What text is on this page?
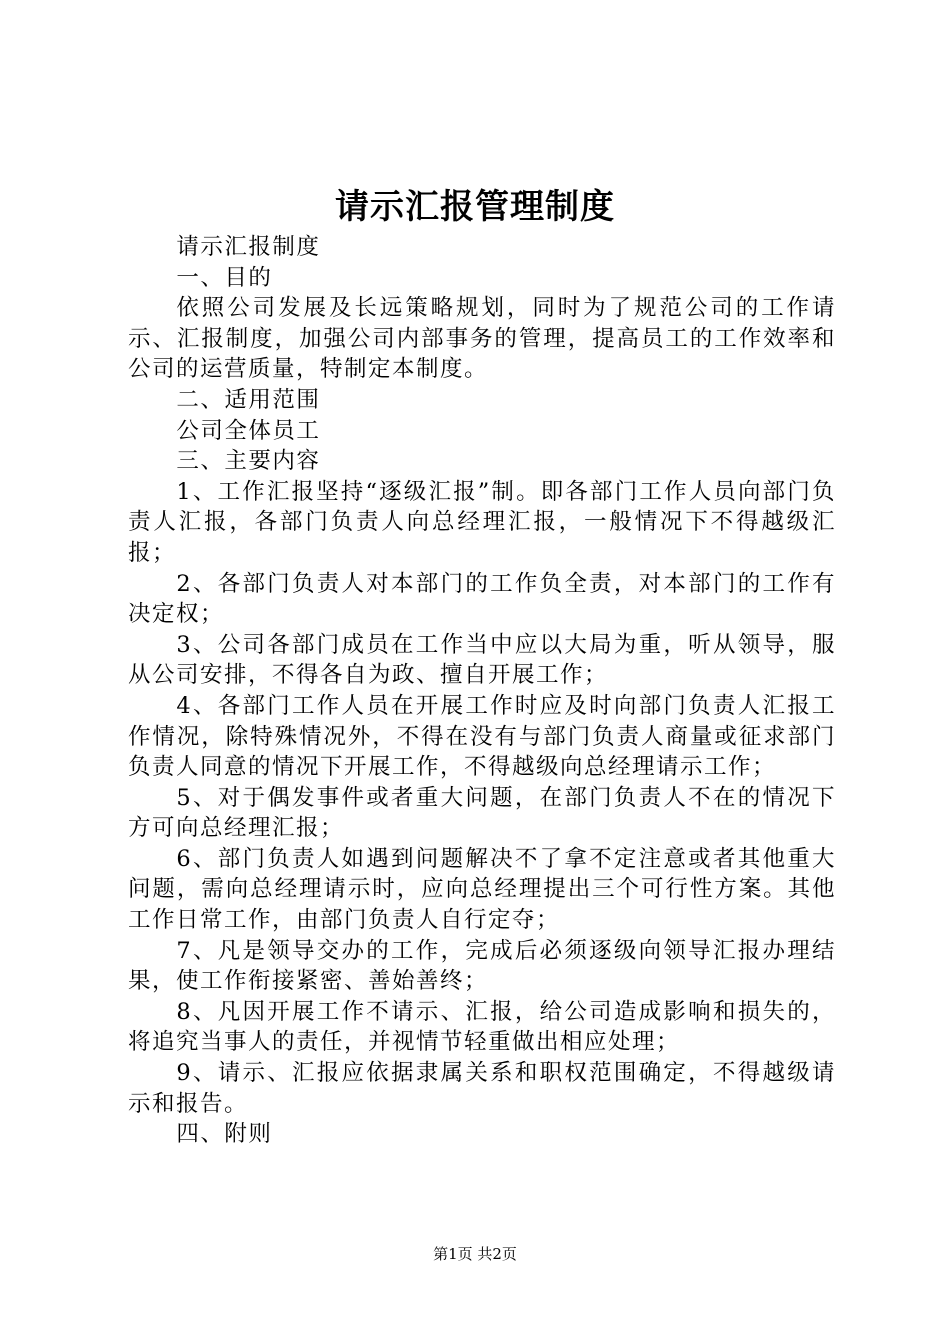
请示汇报管理制度

请示汇报制度

一、目的

依照公司发展及长远策略规划，同时为了规范公司的工作请示、汇报制度，加强公司内部事务的管理，提高员工的工作效率和公司的运营质量，特制定本制度。

二、适用范围

公司全体员工

三、主要内容

1、工作汇报坚持“逐级汇报”制。即各部门工作人员向部门负责人汇报，各部门负责人向总经理汇报，一般情况下不得越级汇报；

2、各部门负责人对本部门的工作负全责，对本部门的工作有决定权；

3、公司各部门成员在工作当中应以大局为重，听从领导，服从公司安排，不得各自为政、擅自开展工作；

4、各部门工作人员在开展工作时应及时向部门负责人汇报工作情况，除特殊情况外，不得在没有与部门负责人商量或征求部门负责人同意的情况下开展工作，不得越级向总经理请示工作；

5、对于偶发事件或者重大问题，在部门负责人不在的情况下方可向总经理汇报；

6、部门负责人如遇到问题解决不了拿不定注意或者其他重大问题，需向总经理请示时，应向总经理提出三个可行性方案。其他工作日常工作，由部门负责人自行定夺；

7、凡是领导交办的工作，完成后必须逐级向领导汇报办理结果，使工作衔接紧密、善始善终；

8、凡因开展工作不请示、汇报，给公司造成影响和损失的，将追究当事人的责任，并视情节轻重做出相应处理；

9、请示、汇报应依据隶属关系和职权范围确定，不得越级请示和报告。

四、附则

第1页 共2页
